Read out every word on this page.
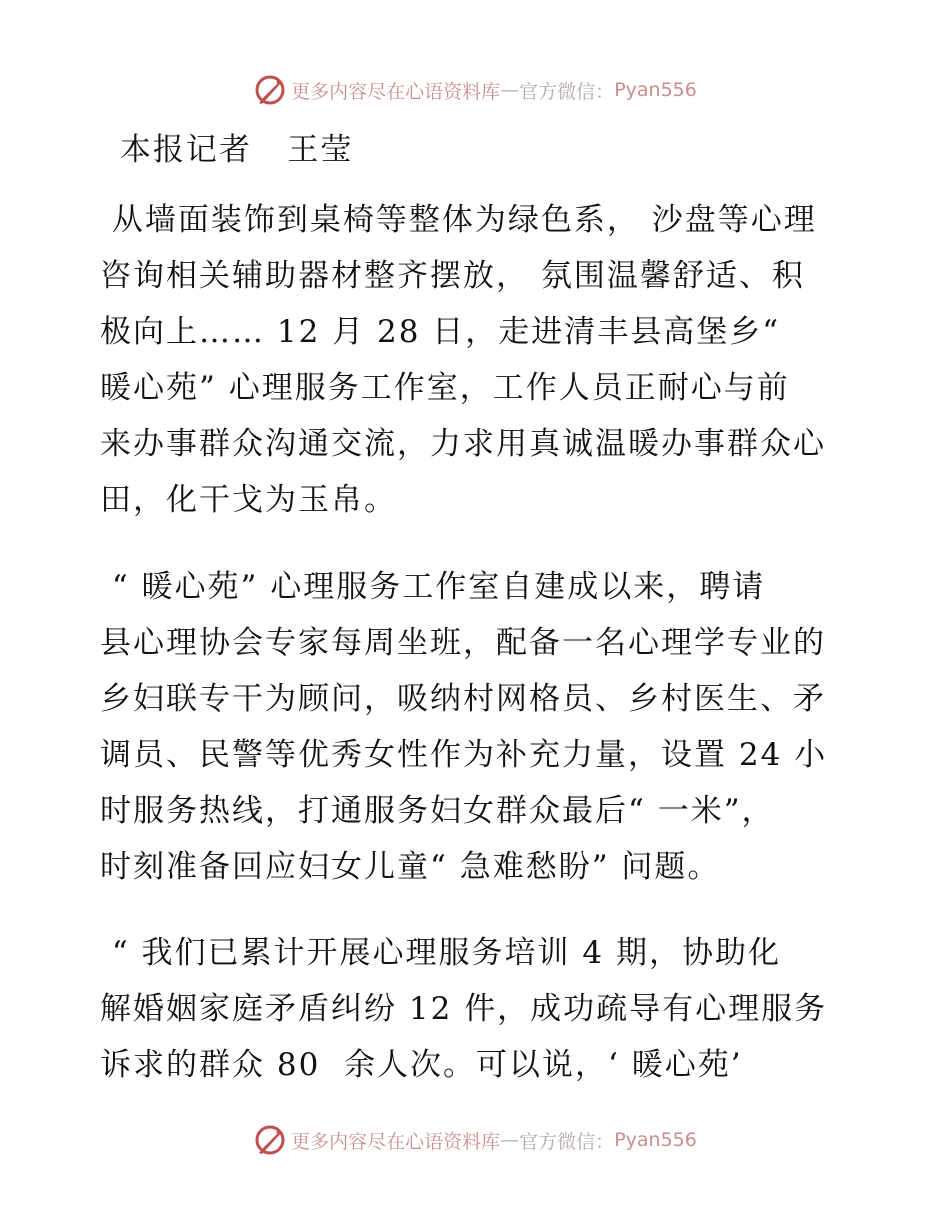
更多内容尽在心语资料库 — 官方微信： Pyan556
本报记者   王莹
从墙面装饰到桌椅等整体为绿色系， 沙盘等心理
咨询相关辅助器材整齐摆放， 氛围温馨舒适、积
极向上…… 12 月 28 日，走进清丰县高堡乡“
暖心苑” 心理服务工作室，工作人员正耐心与前
来办事群众沟通交流，力求用真诚温暖办事群众心
田，化干戈为玉帛。
“ 暖心苑” 心理服务工作室自建成以来，聘请
县心理协会专家每周坐班，配备一名心理学专业的
乡妇联专干为顾问，吸纳村网格员、乡村医生、矛
调员、民警等优秀女性作为补充力量，设置 24 小
时服务热线，打通服务妇女群众最后“ 一米”，
时刻准备回应妇女儿童“ 急难愁盼” 问题。
“ 我们已累计开展心理服务培训 4 期，协助化
解婚姻家庭矛盾纠纷 12 件，成功疏导有心理服务
诉求的群众 80  余人次。可以说，‘ 暖心苑’
更多内容尽在心语资料库 — 官方微信： Pyan556
